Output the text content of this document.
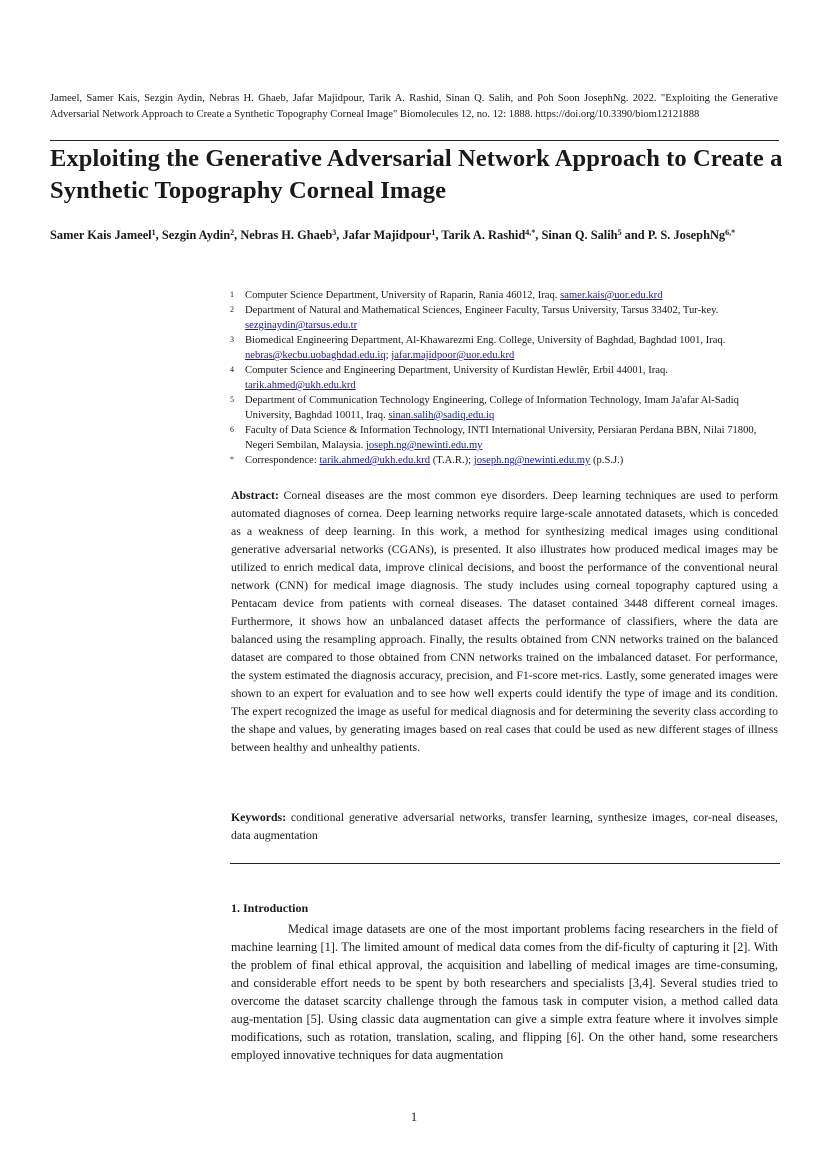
Jameel, Samer Kais, Sezgin Aydin, Nebras H. Ghaeb, Jafar Majidpour, Tarik A. Rashid, Sinan Q. Salih, and Poh Soon JosephNg. 2022. "Exploiting the Generative Adversarial Network Approach to Create a Synthetic Topography Corneal Image" Biomolecules 12, no. 12: 1888. https://doi.org/10.3390/biom12121888
Exploiting the Generative Adversarial Network Approach to Create a Synthetic Topography Corneal Image
Samer Kais Jameel$^1$, Sezgin Aydin$^2$, Nebras H. Ghaeb$^3$, Jafar Majidpour$^1$, Tarik A. Rashid$^{4,*}$, Sinan Q. Salih$^5$ and P. S. JosephNg$^{6,*}$
1 Computer Science Department, University of Raparin, Rania 46012, Iraq. samer.kais@uor.edu.krd
2 Department of Natural and Mathematical Sciences, Engineer Faculty, Tarsus University, Tarsus 33402, Tur-key. sezginaydin@tarsus.edu.tr
3 Biomedical Engineering Department, Al-Khawarezmi Eng. College, University of Baghdad, Baghdad 1001, Iraq. nebras@kecbu.uobaghdad.edu.iq; jafar.majidpoor@uor.edu.krd
4 Computer Science and Engineering Department, University of Kurdistan Hewlêr, Erbil 44001, Iraq. tarik.ahmed@ukh.edu.krd
5 Department of Communication Technology Engineering, College of Information Technology, Imam Ja'afar Al-Sadiq University, Baghdad 10011, Iraq. sinan.salih@sadiq.edu.iq
6 Faculty of Data Science & Information Technology, INTI International University, Persiaran Perdana BBN, Nilai 71800, Negeri Sembilan, Malaysia. joseph.ng@newinti.edu.my
* Correspondence: tarik.ahmed@ukh.edu.krd (T.A.R.); joseph.ng@newinti.edu.my (p.S.J.)
Abstract: Corneal diseases are the most common eye disorders. Deep learning techniques are used to perform automated diagnoses of cornea. Deep learning networks require large-scale annotated datasets, which is conceded as a weakness of deep learning. In this work, a method for synthesizing medical images using conditional generative adversarial networks (CGANs), is presented. It also illustrates how produced medical images may be utilized to enrich medical data, improve clinical decisions, and boost the performance of the conventional neural network (CNN) for medical image diagnosis. The study includes using corneal topography captured using a Pentacam device from patients with corneal diseases. The dataset contained 3448 different corneal images. Furthermore, it shows how an unbalanced dataset affects the performance of classifiers, where the data are balanced using the resampling approach. Finally, the results obtained from CNN networks trained on the balanced dataset are compared to those obtained from CNN networks trained on the imbalanced dataset. For performance, the system estimated the diagnosis accuracy, precision, and F1-score met-rics. Lastly, some generated images were shown to an expert for evaluation and to see how well experts could identify the type of image and its condition. The expert recognized the image as useful for medical diagnosis and for determining the severity class according to the shape and values, by generating images based on real cases that could be used as new different stages of illness between healthy and unhealthy patients.
Keywords: conditional generative adversarial networks, transfer learning, synthesize images, cor-neal diseases, data augmentation
1. Introduction

Medical image datasets are one of the most important problems facing researchers in the field of machine learning [1]. The limited amount of medical data comes from the dif-ficulty of capturing it [2]. With the problem of final ethical approval, the acquisition and labelling of medical images are time-consuming, and considerable effort needs to be spent by both researchers and specialists [3,4]. Several studies tried to overcome the dataset scarcity challenge through the famous task in computer vision, a method called data aug-mentation [5]. Using classic data augmentation can give a simple extra feature where it involves simple modifications, such as rotation, translation, scaling, and flipping [6]. On the other hand, some researchers employed innovative techniques for data augmentation

1
